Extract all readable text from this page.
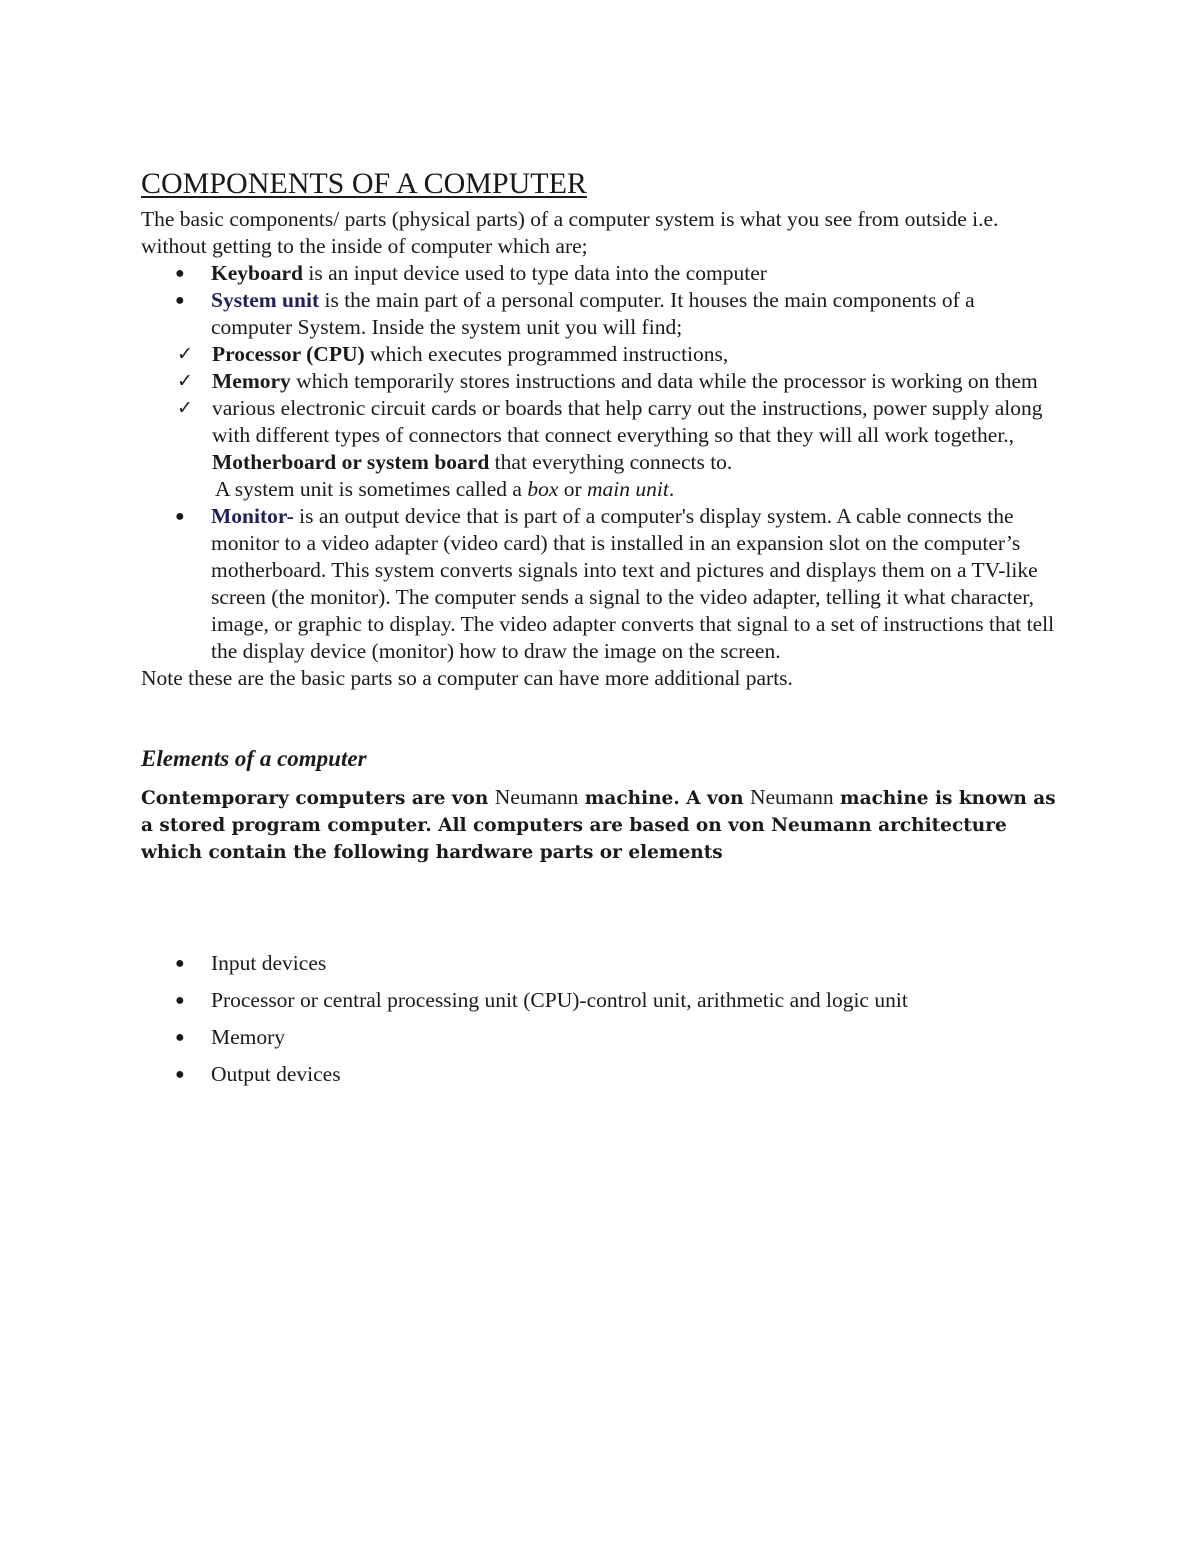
COMPONENTS OF A COMPUTER

The basic components/ parts (physical parts) of a computer system is what you see from outside i.e. without getting to the inside of computer which are;

● Keyboard is an input device used to type data into the computer
● System unit is the main part of a personal computer. It houses the main components of a computer System. Inside the system unit you will find;
✓ Processor (CPU) which executes programmed instructions,
✓ Memory which temporarily stores instructions and data while the processor is working on them
✓ various electronic circuit cards or boards that help carry out the instructions, power supply along with different types of connectors that connect everything so that they will all work together., Motherboard or system board that everything connects to.

A system unit is sometimes called a box or main unit.

● Monitor- is an output device that is part of a computer's display system. A cable connects the monitor to a video adapter (video card) that is installed in an expansion slot on the computer’s motherboard. This system converts signals into text and pictures and displays them on a TV-like screen (the monitor). The computer sends a signal to the video adapter, telling it what character, image, or graphic to display. The video adapter converts that signal to a set of instructions that tell the display device (monitor) how to draw the image on the screen.

Note these are the basic parts so a computer can have more additional parts.

Elements of a computer

Contemporary computers are von Neumann machine. A von Neumann machine is known as a stored program computer. All computers are based on von Neumann architecture which contain the following hardware parts or elements

● Input devices
● Processor or central processing unit (CPU)-control unit, arithmetic and logic unit
● Memory
● Output devices
